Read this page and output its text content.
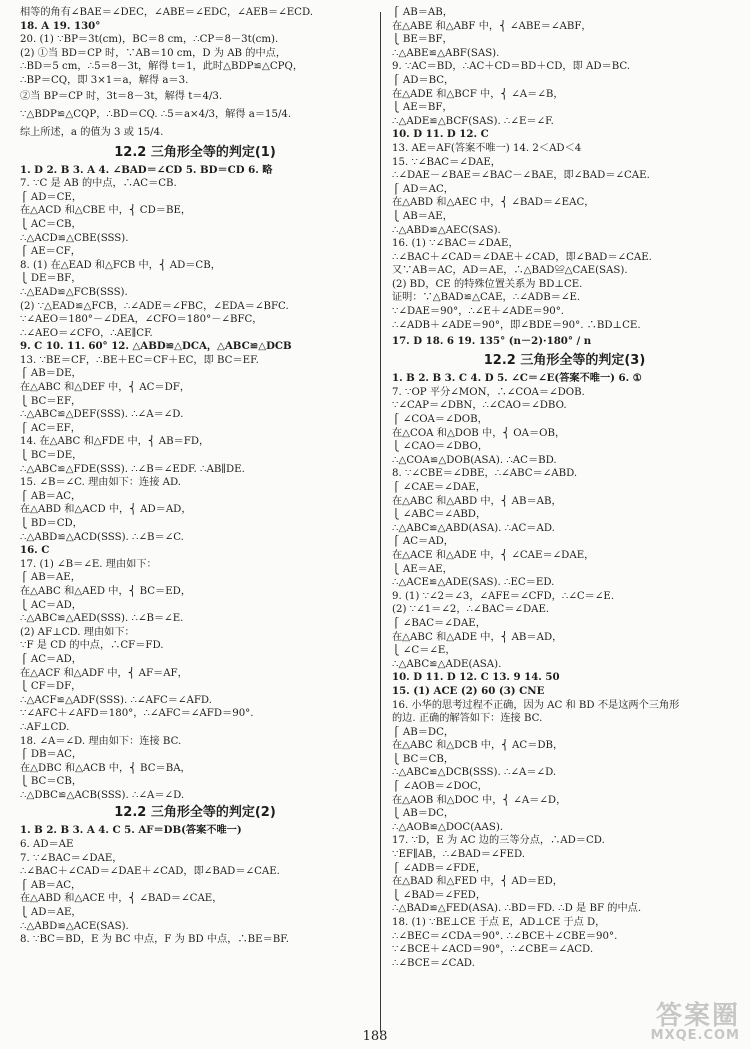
相等的角有∠BAE＝∠DEC，∠ABE＝∠EDC，∠AEB＝∠ECD.
18. A 19. 130°
20. (1) ∵BP＝3t(cm)，BC＝8 cm，∴CP＝8－3t(cm).
(2) ①当 BD＝CP 时，∵AB＝10 cm，D 为 AB 的中点，
∴BD＝5 cm，∴5＝8－3t，解得 t＝1，此时△BDP≌△CPQ，
∴BP＝CQ，即 3×1＝a，解得 a＝3.
②当 BP＝CP 时，3t＝8－3t，解得 t＝4/3.
∵△BDP≌△CQP，∴BD＝CQ. ∴5＝a×4/3，解得 a＝15/4.
综上所述，a 的值为 3 或 15/4.
12.2 三角形全等的判定(1)
1. D 2. B 3. A 4. ∠BAD＝∠CD 5. BD＝CD 6. 略
7. ∵C 是 AB 的中点，∴AC＝CB.
⎧ AD＝CE，
在△ACD 和△CBE 中，⎨ CD＝BE，
⎩ AC＝CB，
∴△ACD≌△CBE(SSS).
⎧ AE＝CF，
8. (1) 在△EAD 和△FCB 中，⎨ AD＝CB，
⎩ DE＝BF，
∴△EAD≌△FCB(SSS).
(2) ∵△EAD≌△FCB，∴∠ADE＝∠FBC，∠EDA＝∠BFC.
∵∠AEO＝180°－∠DEA，∠CFO＝180°－∠BFC，
∴∠AEO＝∠CFO，∴AE∥CF.
9. C 10. 11. 60° 12. △ABD≌△DCA，△ABC≌△DCB
13. ∵BE＝CF，∴BE＋EC＝CF＋EC，即 BC＝EF.
⎧ AB＝DE，
在△ABC 和△DEF 中，⎨ AC＝DF，
⎩ BC＝EF，
∴△ABC≌△DEF(SSS). ∴∠A＝∠D.
⎧ AC＝EF，
14. 在△ABC 和△FDE 中，⎨ AB＝FD，
⎩ BC＝DE，
∴△ABC≌△FDE(SSS). ∴∠B＝∠EDF. ∴AB∥DE.
15. ∠B＝∠C. 理由如下：连接 AD.
⎧ AB＝AC，
在△ABD 和△ACD 中，⎨ AD＝AD，
⎩ BD＝CD，
∴△ABD≌△ACD(SSS). ∴∠B＝∠C.
16. C
17. (1) ∠B＝∠E. 理由如下：
⎧ AB＝AE，
在△ABC 和△AED 中，⎨ BC＝ED，
⎩ AC＝AD，
∴△ABC≌△AED(SSS). ∴∠B＝∠E.
(2) AF⊥CD. 理由如下：
∵F 是 CD 的中点，∴CF＝FD.
⎧ AC＝AD，
在△ACF 和△ADF 中，⎨ AF＝AF，
⎩ CF＝DF，
∴△ACF≌△ADF(SSS). ∴∠AFC＝∠AFD.
∵∠AFC＋∠AFD＝180°，∴∠AFC＝∠AFD＝90°.
∴AF⊥CD.
18. ∠A＝∠D. 理由如下：连接 BC.
⎧ DB＝AC，
在△DBC 和△ACB 中，⎨ BC＝BA，
⎩ BC＝CB，
∴△DBC≌△ACB(SSS). ∴∠A＝∠D.
12.2 三角形全等的判定(2)
1. B 2. B 3. A 4. C 5. AF＝DB(答案不唯一)
6. AD＝AE
7. ∵∠BAC＝∠DAE，
∴∠BAC＋∠CAD＝∠DAE＋∠CAD，即∠BAD＝∠CAE.
⎧ AB＝AC，
在△ABD 和△ACE 中，⎨ ∠BAD＝∠CAE，
⎩ AD＝AE，
∴△ABD≌△ACE(SAS).
8. ∵BC＝BD，E 为 BC 中点，F 为 BD 中点，∴BE＝BF.
⎧ AB＝AB，
在△ABE 和△ABF 中，⎨ ∠ABE＝∠ABF，
⎩ BE＝BF，
∴△ABE≌△ABF(SAS).
9. ∵AC＝BD，∴AC＋CD＝BD＋CD，即 AD＝BC.
⎧ AD＝BC，
在△ADE 和△BCF 中，⎨ ∠A＝∠B，
⎩ AE＝BF，
∴△ADE≌△BCF(SAS). ∴∠E＝∠F.
10. D 11. D 12. C
13. AE＝AF(答案不唯一) 14. 2＜AD＜4
15. ∵∠BAC＝∠DAE，
∴∠DAE－∠BAE＝∠BAC－∠BAE，即∠BAD＝∠CAE.
⎧ AD＝AC，
在△ABD 和△AEC 中，⎨ ∠BAD＝∠EAC，
⎩ AB＝AE，
∴△ABD≌△AEC(SAS).
16. (1) ∵∠BAC＝∠DAE，
∴∠BAC＋∠CAD＝∠DAE＋∠CAD，即∠BAD＝∠CAE.
又∵AB＝AC，AD＝AE，∴△BAD≌△CAE(SAS).
(2) BD，CE 的特殊位置关系为 BD⊥CE.
证明：∵△BAD≌△CAE，∴∠ADB＝∠E.
∵∠DAE＝90°，∴∠E＋∠ADE＝90°.
∴∠ADB＋∠ADE＝90°，即∠BDE＝90°. ∴BD⊥CE.
17. D 18. 6 19. 135° (n－2)·180° / n
12.2 三角形全等的判定(3)
1. B 2. B 3. C 4. D 5. ∠C＝∠E(答案不唯一) 6. ①
7. ∵OP 平分∠MON，∴∠COA＝∠DOB.
∵∠CAP＝∠DBN，∴∠CAO＝∠DBO.
⎧ ∠COA＝∠DOB，
在△COA 和△DOB 中，⎨ OA＝OB，
⎩ ∠CAO＝∠DBO，
∴△COA≌△DOB(ASA). ∴AC＝BD.
8. ∵∠CBE＝∠DBE，∴∠ABC＝∠ABD.
⎧ ∠CAE＝∠DAE，
在△ABC 和△ABD 中，⎨ AB＝AB，
⎩ ∠ABC＝∠ABD，
∴△ABC≌△ABD(ASA). ∴AC＝AD.
⎧ AC＝AD，
在△ACE 和△ADE 中，⎨ ∠CAE＝∠DAE，
⎩ AE＝AE，
∴△ACE≌△ADE(SAS). ∴EC＝ED.
9. (1) ∵∠2＝∠3，∠AFE＝∠CFD，∴∠C＝∠E.
(2) ∵∠1＝∠2，∴∠BAC＝∠DAE.
⎧ ∠BAC＝∠DAE，
在△ABC 和△ADE 中，⎨ AB＝AD，
⎩ ∠C＝∠E，
∴△ABC≌△ADE(ASA).
10. D 11. D 12. C 13. 9 14. 50
15. (1) ACE (2) 60 (3) CNE
16. 小华的思考过程不正确，因为 AC 和 BD 不是这两个三角形
的边. 正确的解答如下：连接 BC.
⎧ AB＝DC，
在△ABC 和△DCB 中，⎨ AC＝DB，
⎩ BC＝CB，
∴△ABC≌△DCB(SSS). ∴∠A＝∠D.
⎧ ∠AOB＝∠DOC，
在△AOB 和△DOC 中，⎨ ∠A＝∠D，
⎩ AB＝DC，
∴△AOB≌△DOC(AAS).
17. ∵D，E 为 AC 边的三等分点，∴AD＝CD.
∵EF∥AB，∴∠BAD＝∠FED.
⎧ ∠ADB＝∠FDE，
在△BAD 和△FED 中，⎨ AD＝ED，
⎩ ∠BAD＝∠FED，
∴△BAD≌△FED(ASA). ∴BD＝FD. ∴D 是 BF 的中点.
18. (1) ∵BE⊥CE 于点 E，AD⊥CE 于点 D，
∴∠BEC＝∠CDA＝90°. ∴∠BCE＋∠CBE＝90°.
∵∠BCE＋∠ACD＝90°，∴∠CBE＝∠ACD.
∴∠BCE＝∠CAD.
188
答案圈
MXQE.COM
